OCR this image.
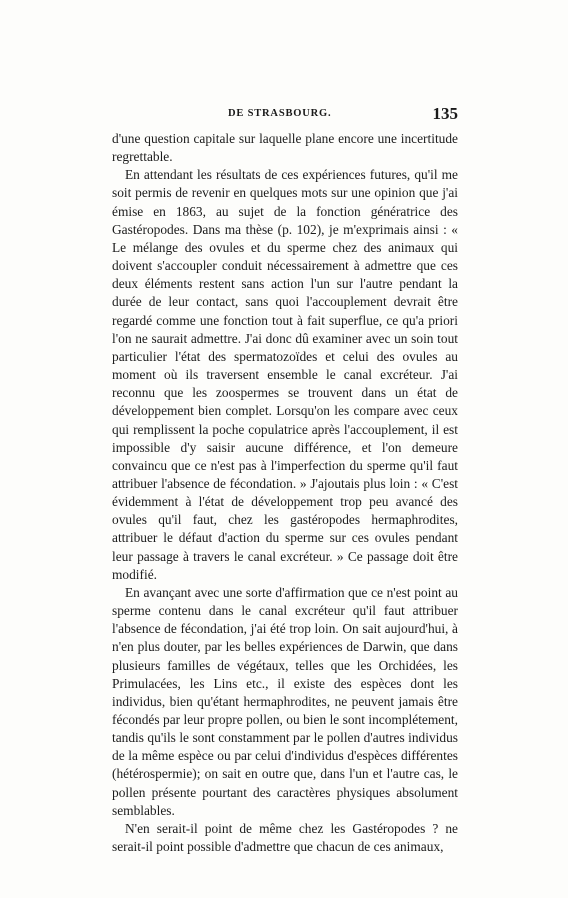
DE STRASBOURG.	135

d'une question capitale sur laquelle plane encore une incertitude regrettable.

En attendant les résultats de ces expériences futures, qu'il me soit permis de revenir en quelques mots sur une opinion que j'ai émise en 1863, au sujet de la fonction génératrice des Gastéropodes. Dans ma thèse (p. 102), je m'exprimais ainsi : « Le mélange des ovules et du sperme chez des animaux qui doivent s'accoupler conduit nécessairement à admettre que ces deux éléments restent sans action l'un sur l'autre pendant la durée de leur contact, sans quoi l'accouplement devrait être regardé comme une fonction tout à fait superflue, ce qu'a priori l'on ne saurait admettre. J'ai donc dû examiner avec un soin tout particulier l'état des spermatozoïdes et celui des ovules au moment où ils traversent ensemble le canal excréteur. J'ai reconnu que les zoospermes se trouvent dans un état de développement bien complet. Lorsqu'on les compare avec ceux qui remplissent la poche copulatrice après l'accouplement, il est impossible d'y saisir aucune différence, et l'on demeure convaincu que ce n'est pas à l'imperfection du sperme qu'il faut attribuer l'absence de fécondation. » J'ajoutais plus loin : « C'est évidemment à l'état de développement trop peu avancé des ovules qu'il faut, chez les gastéropodes hermaphrodites, attribuer le défaut d'action du sperme sur ces ovules pendant leur passage à travers le canal excréteur. » Ce passage doit être modifié.

En avançant avec une sorte d'affirmation que ce n'est point au sperme contenu dans le canal excréteur qu'il faut attribuer l'absence de fécondation, j'ai été trop loin. On sait aujourd'hui, à n'en plus douter, par les belles expériences de Darwin, que dans plusieurs familles de végétaux, telles que les Orchidées, les Primulacées, les Lins etc., il existe des espèces dont les individus, bien qu'étant hermaphrodites, ne peuvent jamais être fécondés par leur propre pollen, ou bien le sont incomplétement, tandis qu'ils le sont constamment par le pollen d'autres individus de la même espèce ou par celui d'individus d'espèces différentes (hétérospermie); on sait en outre que, dans l'un et l'autre cas, le pollen présente pourtant des caractères physiques absolument semblables.

N'en serait-il point de même chez les Gastéropodes ? ne serait-il point possible d'admettre que chacun de ces animaux,
